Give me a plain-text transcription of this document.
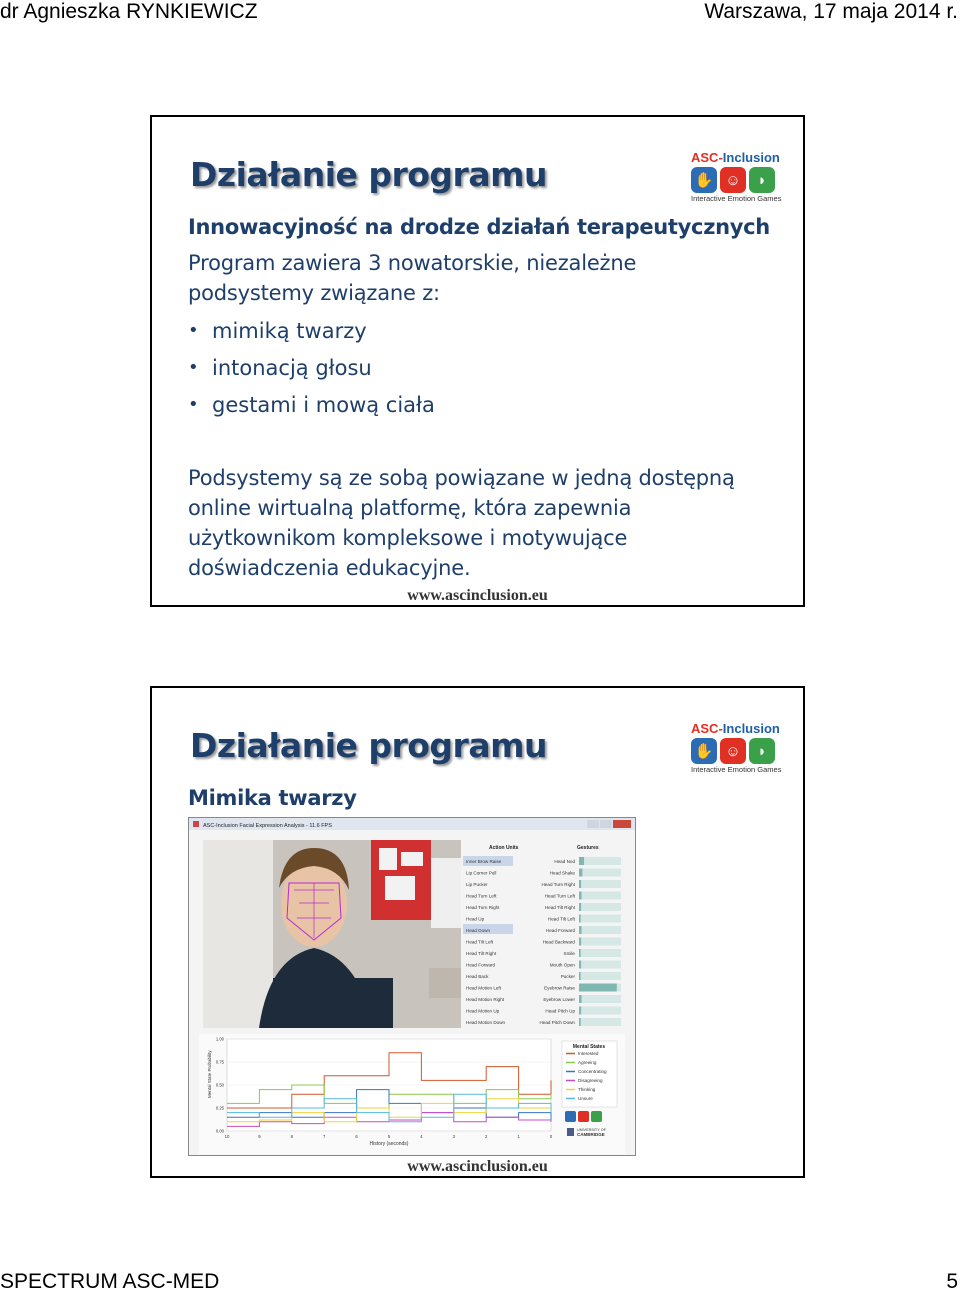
dr Agnieszka RYNKIEWICZ	Warszawa, 17 maja 2014 r.
Działanie programu	ASC-Inclusion
✋ ☺	◗
Interactive Emotion Games
Innowacyjność na drodze działań terapeutycznych
Program zawiera 3 nowatorskie, niezależne
podsystemy związane z:
• mimiką twarzy
• intonacją głosu
• gestami i mową ciała
Podsystemy są ze sobą powiązane w jedną dostępną
online wirtualną platformę, która zapewnia
użytkownikom kompleksowe i motywujące
doświadczenia edukacyjne.
www.ascinclusion.eu
Działanie programu	ASC-Inclusion
✋ ☺	◗
Interactive Emotion Games
Mimika twarzy
ASC-Inclusion Facial Expression Analysis - 11.6 FPS
Action Units
Inner Brow Raise
Lip Corner Pull
Lip Pucker
Head Turn Left
Head Turn Right
Head Up
Head Down
Head Tilt Left
Head Tilt Right
Head Forward
Head Back
Head Motion Left
Head Motion Right
Head Motion Up
Head Motion Down
Gestures
Head Nod
Head Shake
Head Turn Right
Head Turn Left
Head Tilt Right
Head Tilt Left
Head Forward
Head Backward
Smile
Mouth Open
Pucker
Eyebrow Raise
Eyebrow Lower
Head Pitch Up
Head Pitch Down
Mental State Probability
History (seconds)
1.00
0.75
0.50
0.25
0.00
10	9	8	7	6	5	4	3	2	1	0
Mental States
Interested
Agreeing
Concentrating
Disagreeing
Thinking
Unsure
UNIVERSITY OF
CAMBRIDGE
www.ascinclusion.eu
SPECTRUM ASC-MED	5
